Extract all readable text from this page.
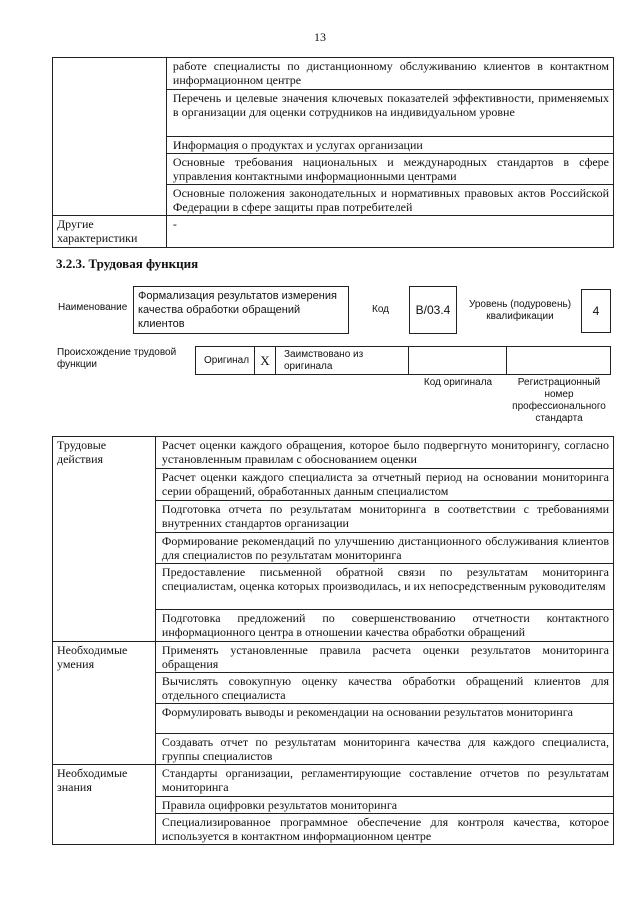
13
	работе специалисты по дистанционному обслуживанию клиентов в контактном информационном центре
	Перечень и целевые значения ключевых показателей эффективности, применяемых в организации для оценки сотрудников на индивидуальном уровне
	Информация о продуктах и услугах организации
	Основные требования национальных и международных стандартов в сфере управления контактными информационными центрами
	Основные положения законодательных и нормативных правовых актов Российской Федерации в сфере защиты прав потребителей
Другие характеристики	-
3.2.3. Трудовая функция
Наименование
Формализация результатов измерения качества обработки обращений клиентов
Код	В/03.4	Уровень (подуровень) квалификации	4
Происхождение трудовой функции	Оригинал Х	Заимствовано из оригинала
Код оригинала	Регистрационный номер профессионального стандарта
Трудовые действия	Расчет оценки каждого обращения, которое было подвергнуто мониторингу, согласно установленным правилам с обоснованием оценки
	Расчет оценки каждого специалиста за отчетный период на основании мониторинга серии обращений, обработанных данным специалистом
	Подготовка отчета по результатам мониторинга в соответствии с требованиями внутренних стандартов организации
	Формирование рекомендаций по улучшению дистанционного обслуживания клиентов для специалистов по результатам мониторинга
	Предоставление письменной обратной связи по результатам мониторинга специалистам, оценка которых производилась, и их непосредственным руководителям
	Подготовка предложений по совершенствованию отчетности контактного информационного центра в отношении качества обработки обращений
Необходимые умения	Применять установленные правила расчета оценки результатов мониторинга обращения
	Вычислять совокупную оценку качества обработки обращений клиентов для отдельного специалиста
	Формулировать выводы и рекомендации на основании результатов мониторинга
	Создавать отчет по результатам мониторинга качества для каждого специалиста, группы специалистов
Необходимые знания	Стандарты организации, регламентирующие составление отчетов по результатам мониторинга
	Правила оцифровки результатов мониторинга
	Специализированное программное обеспечение для контроля качества, которое используется в контактном информационном центре
